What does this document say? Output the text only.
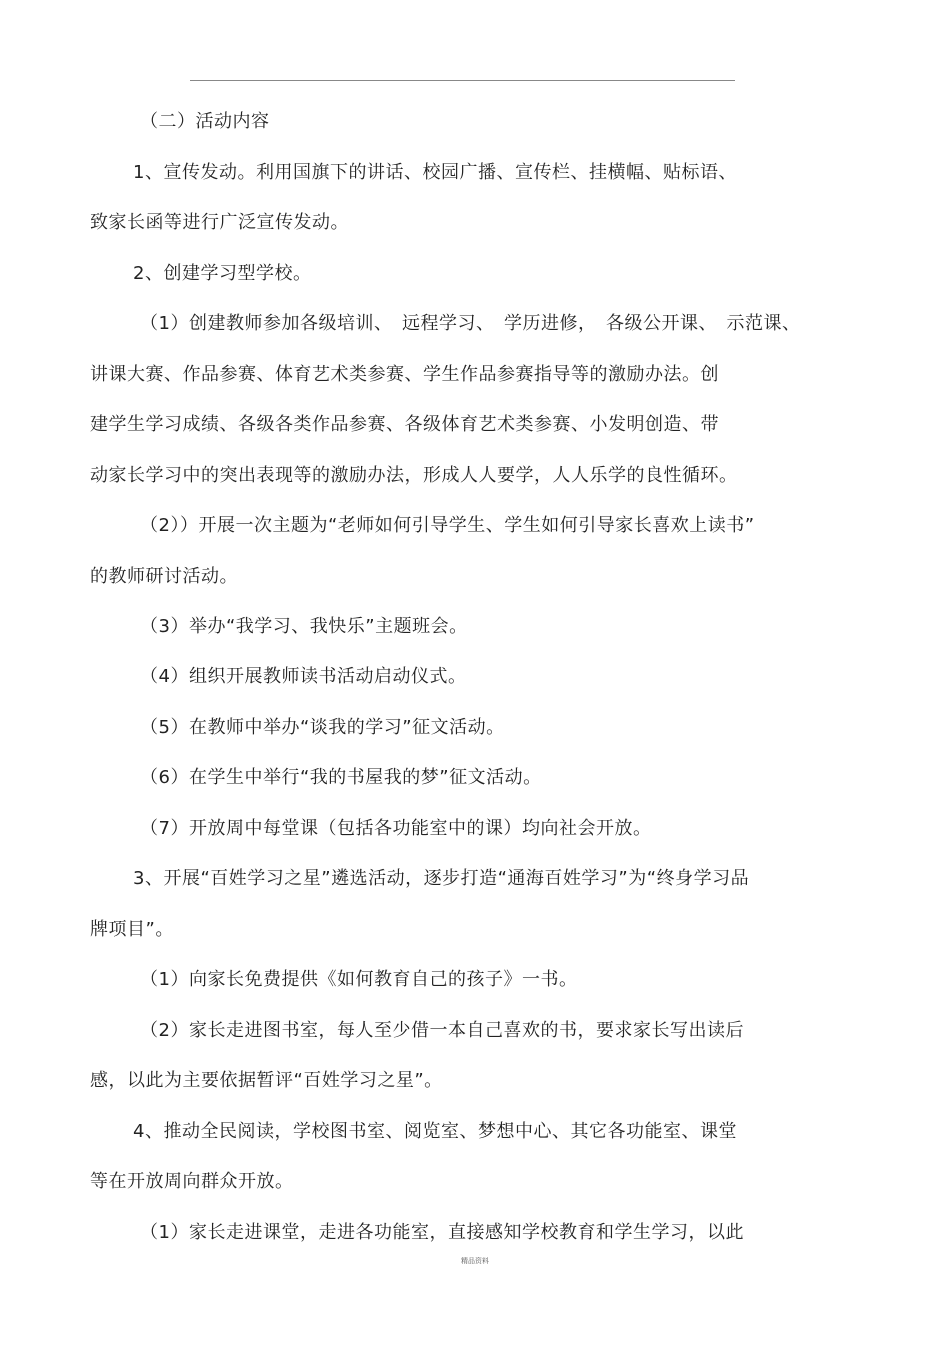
（二）活动内容
1、宣传发动。利用国旗下的讲话、校园广播、宣传栏、挂横幅、贴标语、
致家长函等进行广泛宣传发动。
2、创建学习型学校。
（1）创建教师参加各级培训、　远程学习、　学历进修，　各级公开课、　示范课、
讲课大赛、作品参赛、体育艺术类参赛、学生作品参赛指导等的激励办法。创
建学生学习成绩、各级各类作品参赛、各级体育艺术类参赛、小发明创造、带
动家长学习中的突出表现等的激励办法，形成人人要学，人人乐学的良性循环。
（2））开展一次主题为“老师如何引导学生、学生如何引导家长喜欢上读书”
的教师研讨活动。
（3）举办“我学习、我快乐”主题班会。
（4）组织开展教师读书活动启动仪式。
（5）在教师中举办“谈我的学习”征文活动。
（6）在学生中举行“我的书屋我的梦”征文活动。
（7）开放周中每堂课（包括各功能室中的课）均向社会开放。
3、开展“百姓学习之星”遴选活动，逐步打造“通海百姓学习”为“终身学习品
牌项目”。
（1）向家长免费提供《如何教育自己的孩子》一书。
（2）家长走进图书室，每人至少借一本自己喜欢的书，要求家长写出读后
感，以此为主要依据暂评“百姓学习之星”。
4、推动全民阅读，学校图书室、阅览室、梦想中心、其它各功能室、课堂
等在开放周向群众开放。
（1）家长走进课堂，走进各功能室，直接感知学校教育和学生学习，以此
精品资料
